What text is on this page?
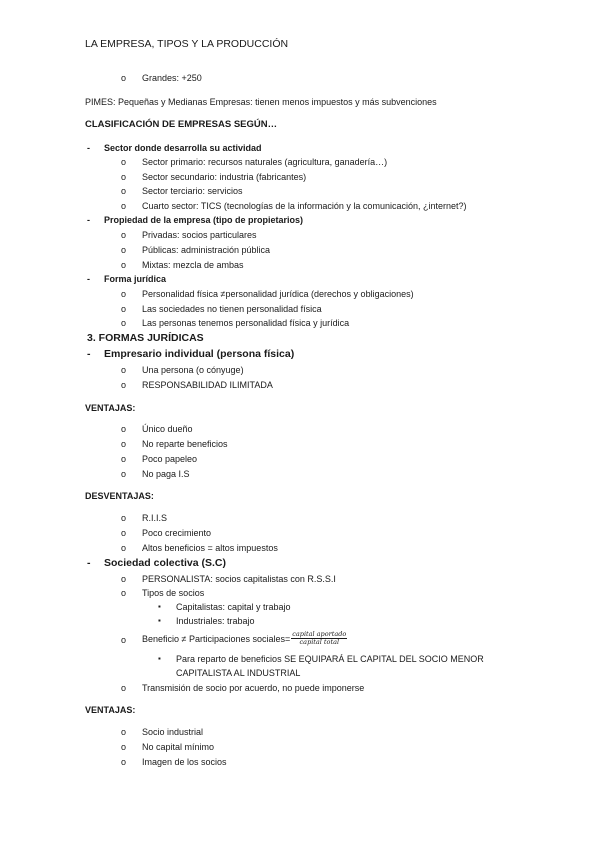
LA EMPRESA, TIPOS Y LA PRODUCCIÓN
o Grandes: +250
PIMES: Pequeñas y Medianas Empresas: tienen menos impuestos y más subvenciones
CLASIFICACIÓN DE EMPRESAS SEGÚN…
- Sector donde desarrolla su actividad
o Sector primario: recursos naturales (agricultura, ganadería…)
o Sector secundario: industria (fabricantes)
o Sector terciario: servicios
o Cuarto sector: TICS (tecnologías de la información y la comunicación, ¿internet?)
- Propiedad de la empresa (tipo de propietarios)
o Privadas: socios particulares
o Públicas: administración pública
o Mixtas: mezcla de ambas
- Forma jurídica
o Personalidad física ≠personalidad jurídica (derechos y obligaciones)
o Las sociedades no tienen personalidad física
o Las personas tenemos personalidad física y jurídica
3. FORMAS JURÍDICAS
- Empresario individual (persona física)
o Una persona (o cónyuge)
o RESPONSABILIDAD ILIMITADA
VENTAJAS:
o Único dueño
o No reparte beneficios
o Poco papeleo
o No paga I.S
DESVENTAJAS:
o R.I.I.S
o Poco crecimiento
o Altos beneficios = altos impuestos
- Sociedad colectiva (S.C)
o PERSONALISTA: socios capitalistas con R.S.S.I
o Tipos de socios
▪ Capitalistas: capital y trabajo
▪ Industriales: trabajo
o Beneficio ≠ Participaciones sociales= $\frac{\text{capital aportado}}{\text{capital total}}$
▪ Para reparto de beneficios SE EQUIPARÁ EL CAPITAL DEL SOCIO MENOR
CAPITALISTA AL INDUSTRIAL
o Transmisión de socio por acuerdo, no puede imponerse
VENTAJAS:
o Socio industrial
o No capital mínimo
o Imagen de los socios
